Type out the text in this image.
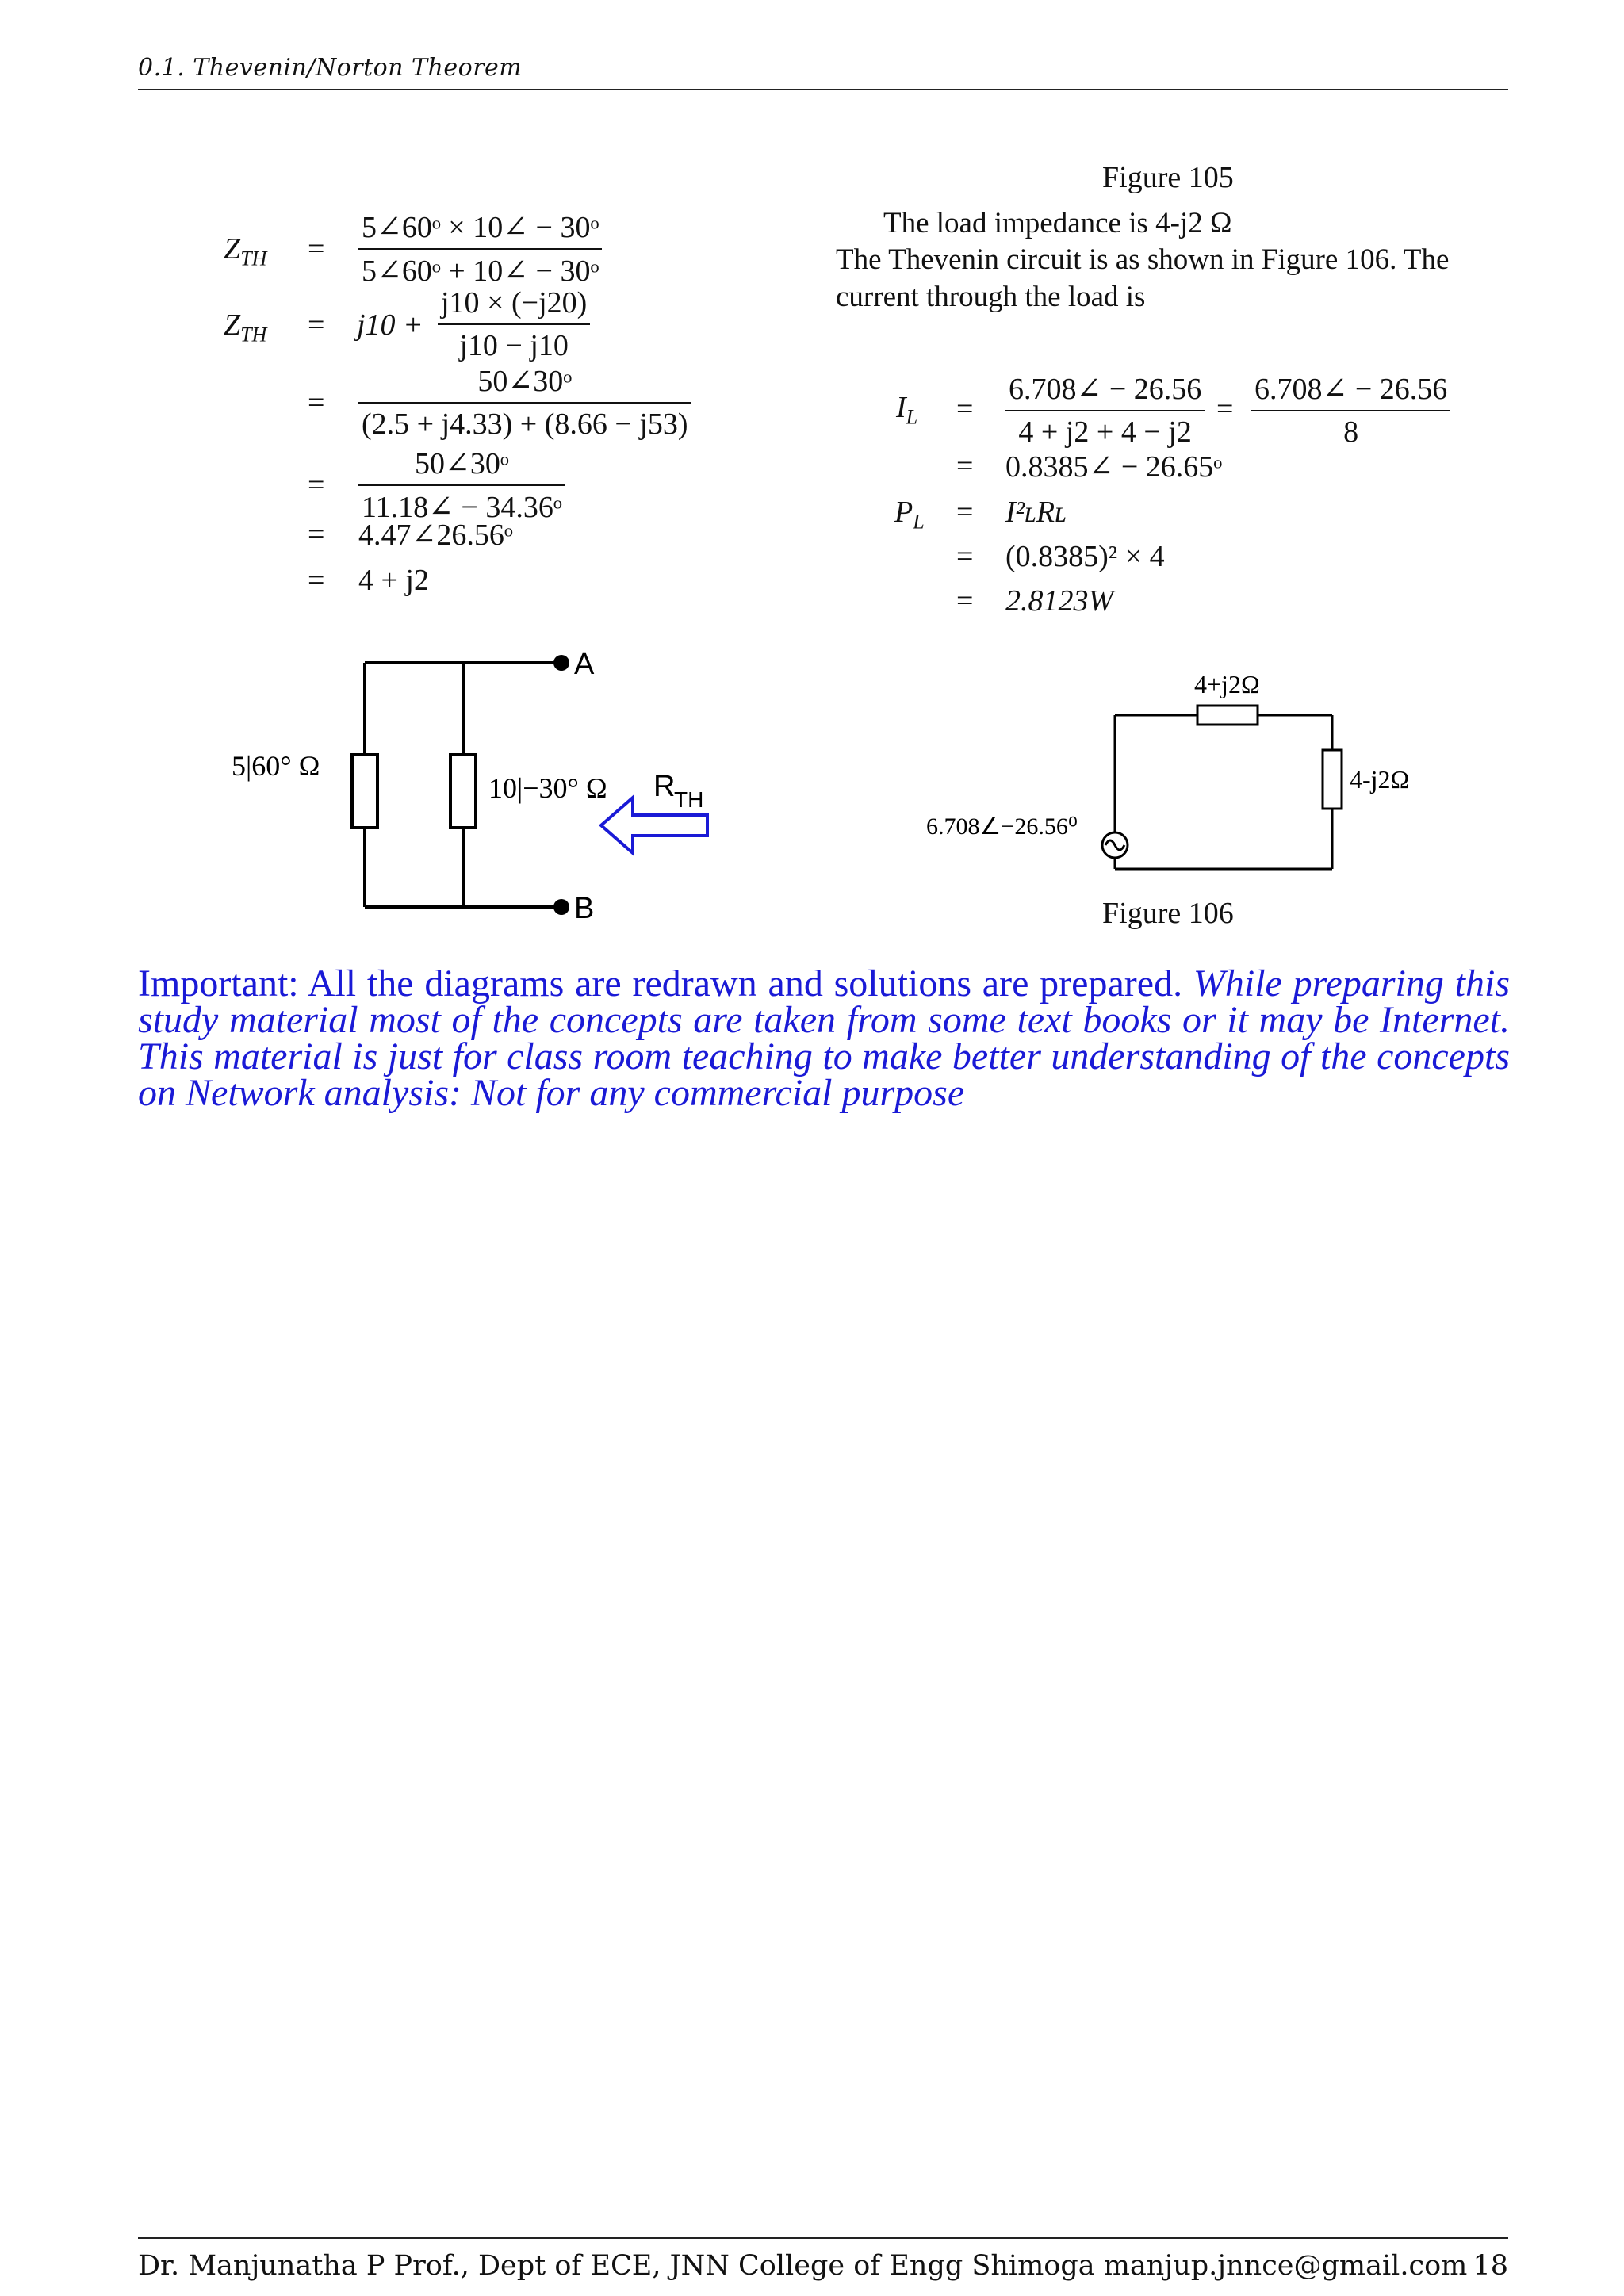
0.1. Thevenin/Norton Theorem
$Z_{TH}$ =
5∠60ᵒ × 10∠ − 30ᵒ
5∠60ᵒ + 10∠ − 30ᵒ
$Z_{TH} = j10$ +
j10 × (−j20)
j10 − j10
=
50∠30ᵒ
(2.5 + j4.33) + (8.66 − j53)
=
50∠30ᵒ
11.18∠ − 34.36ᵒ
= 4.47∠26.56ᵒ
= 4 + j2
A
B
5|60° Ω
10|−30° Ω R
TH
Figure 105
The load impedance is 4-j2 Ω
The Thevenin circuit is as shown in Figure 106. The
current through the load is
$I_L$ =
6.708∠ − 26.56
4 + j2 + 4 − j2
=
6.708∠ − 26.56
8
= 0.8385∠ − 26.65ᵒ
$P_L$ = I²ʟRʟ
= (0.8385)² × 4
= 2.8123W
4+j2Ω
4-j2Ω
6.708∠−26.56⁰
Figure 106
Important: All the diagrams are redrawn and solutions are prepared. While preparing this study material most of the concepts are taken from some text books or it may be Internet. This material is just for class room teaching to make better understanding of the concepts on Network analysis: Not for any commercial purpose
Dr. Manjunatha P Prof., Dept of ECE, JNN College of Engg Shimoga manjup.jnnce@gmail.com 18
